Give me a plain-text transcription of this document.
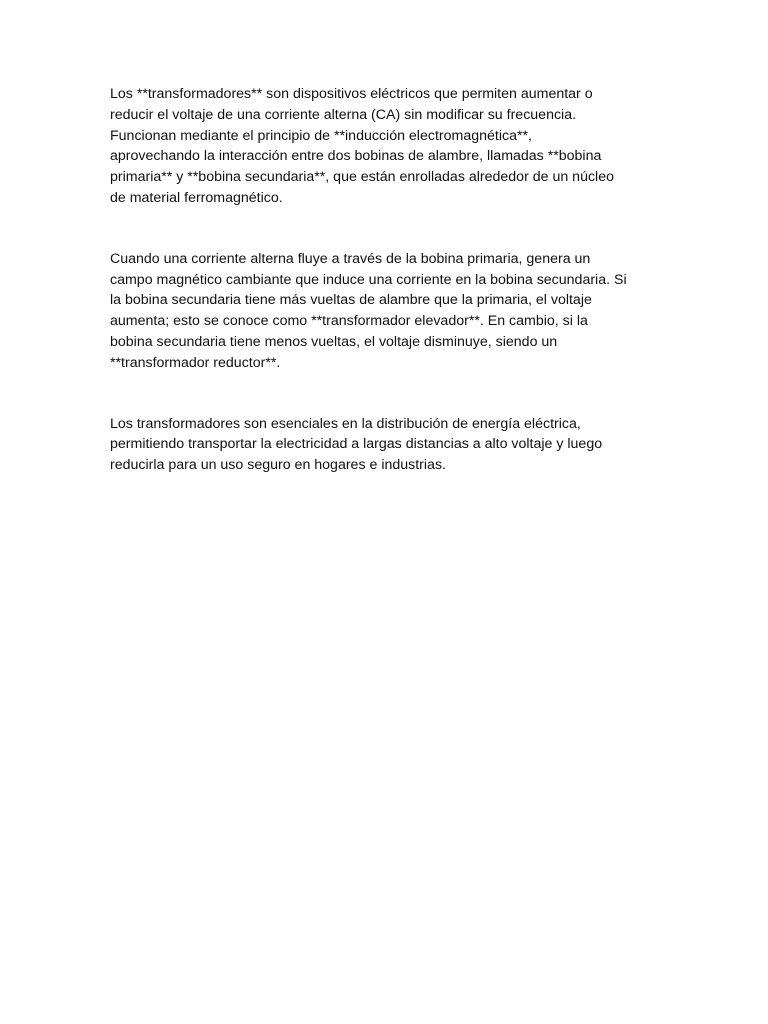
Los **transformadores** son dispositivos eléctricos que permiten aumentar o
reducir el voltaje de una corriente alterna (CA) sin modificar su frecuencia.
Funcionan mediante el principio de **inducción electromagnética**,
aprovechando la interacción entre dos bobinas de alambre, llamadas **bobina
primaria** y **bobina secundaria**, que están enrolladas alrededor de un núcleo
de material ferromagnético.

Cuando una corriente alterna fluye a través de la bobina primaria, genera un
campo magnético cambiante que induce una corriente en la bobina secundaria. Si
la bobina secundaria tiene más vueltas de alambre que la primaria, el voltaje
aumenta; esto se conoce como **transformador elevador**. En cambio, si la
bobina secundaria tiene menos vueltas, el voltaje disminuye, siendo un
**transformador reductor**.

Los transformadores son esenciales en la distribución de energía eléctrica,
permitiendo transportar la electricidad a largas distancias a alto voltaje y luego
reducirla para un uso seguro en hogares e industrias.
